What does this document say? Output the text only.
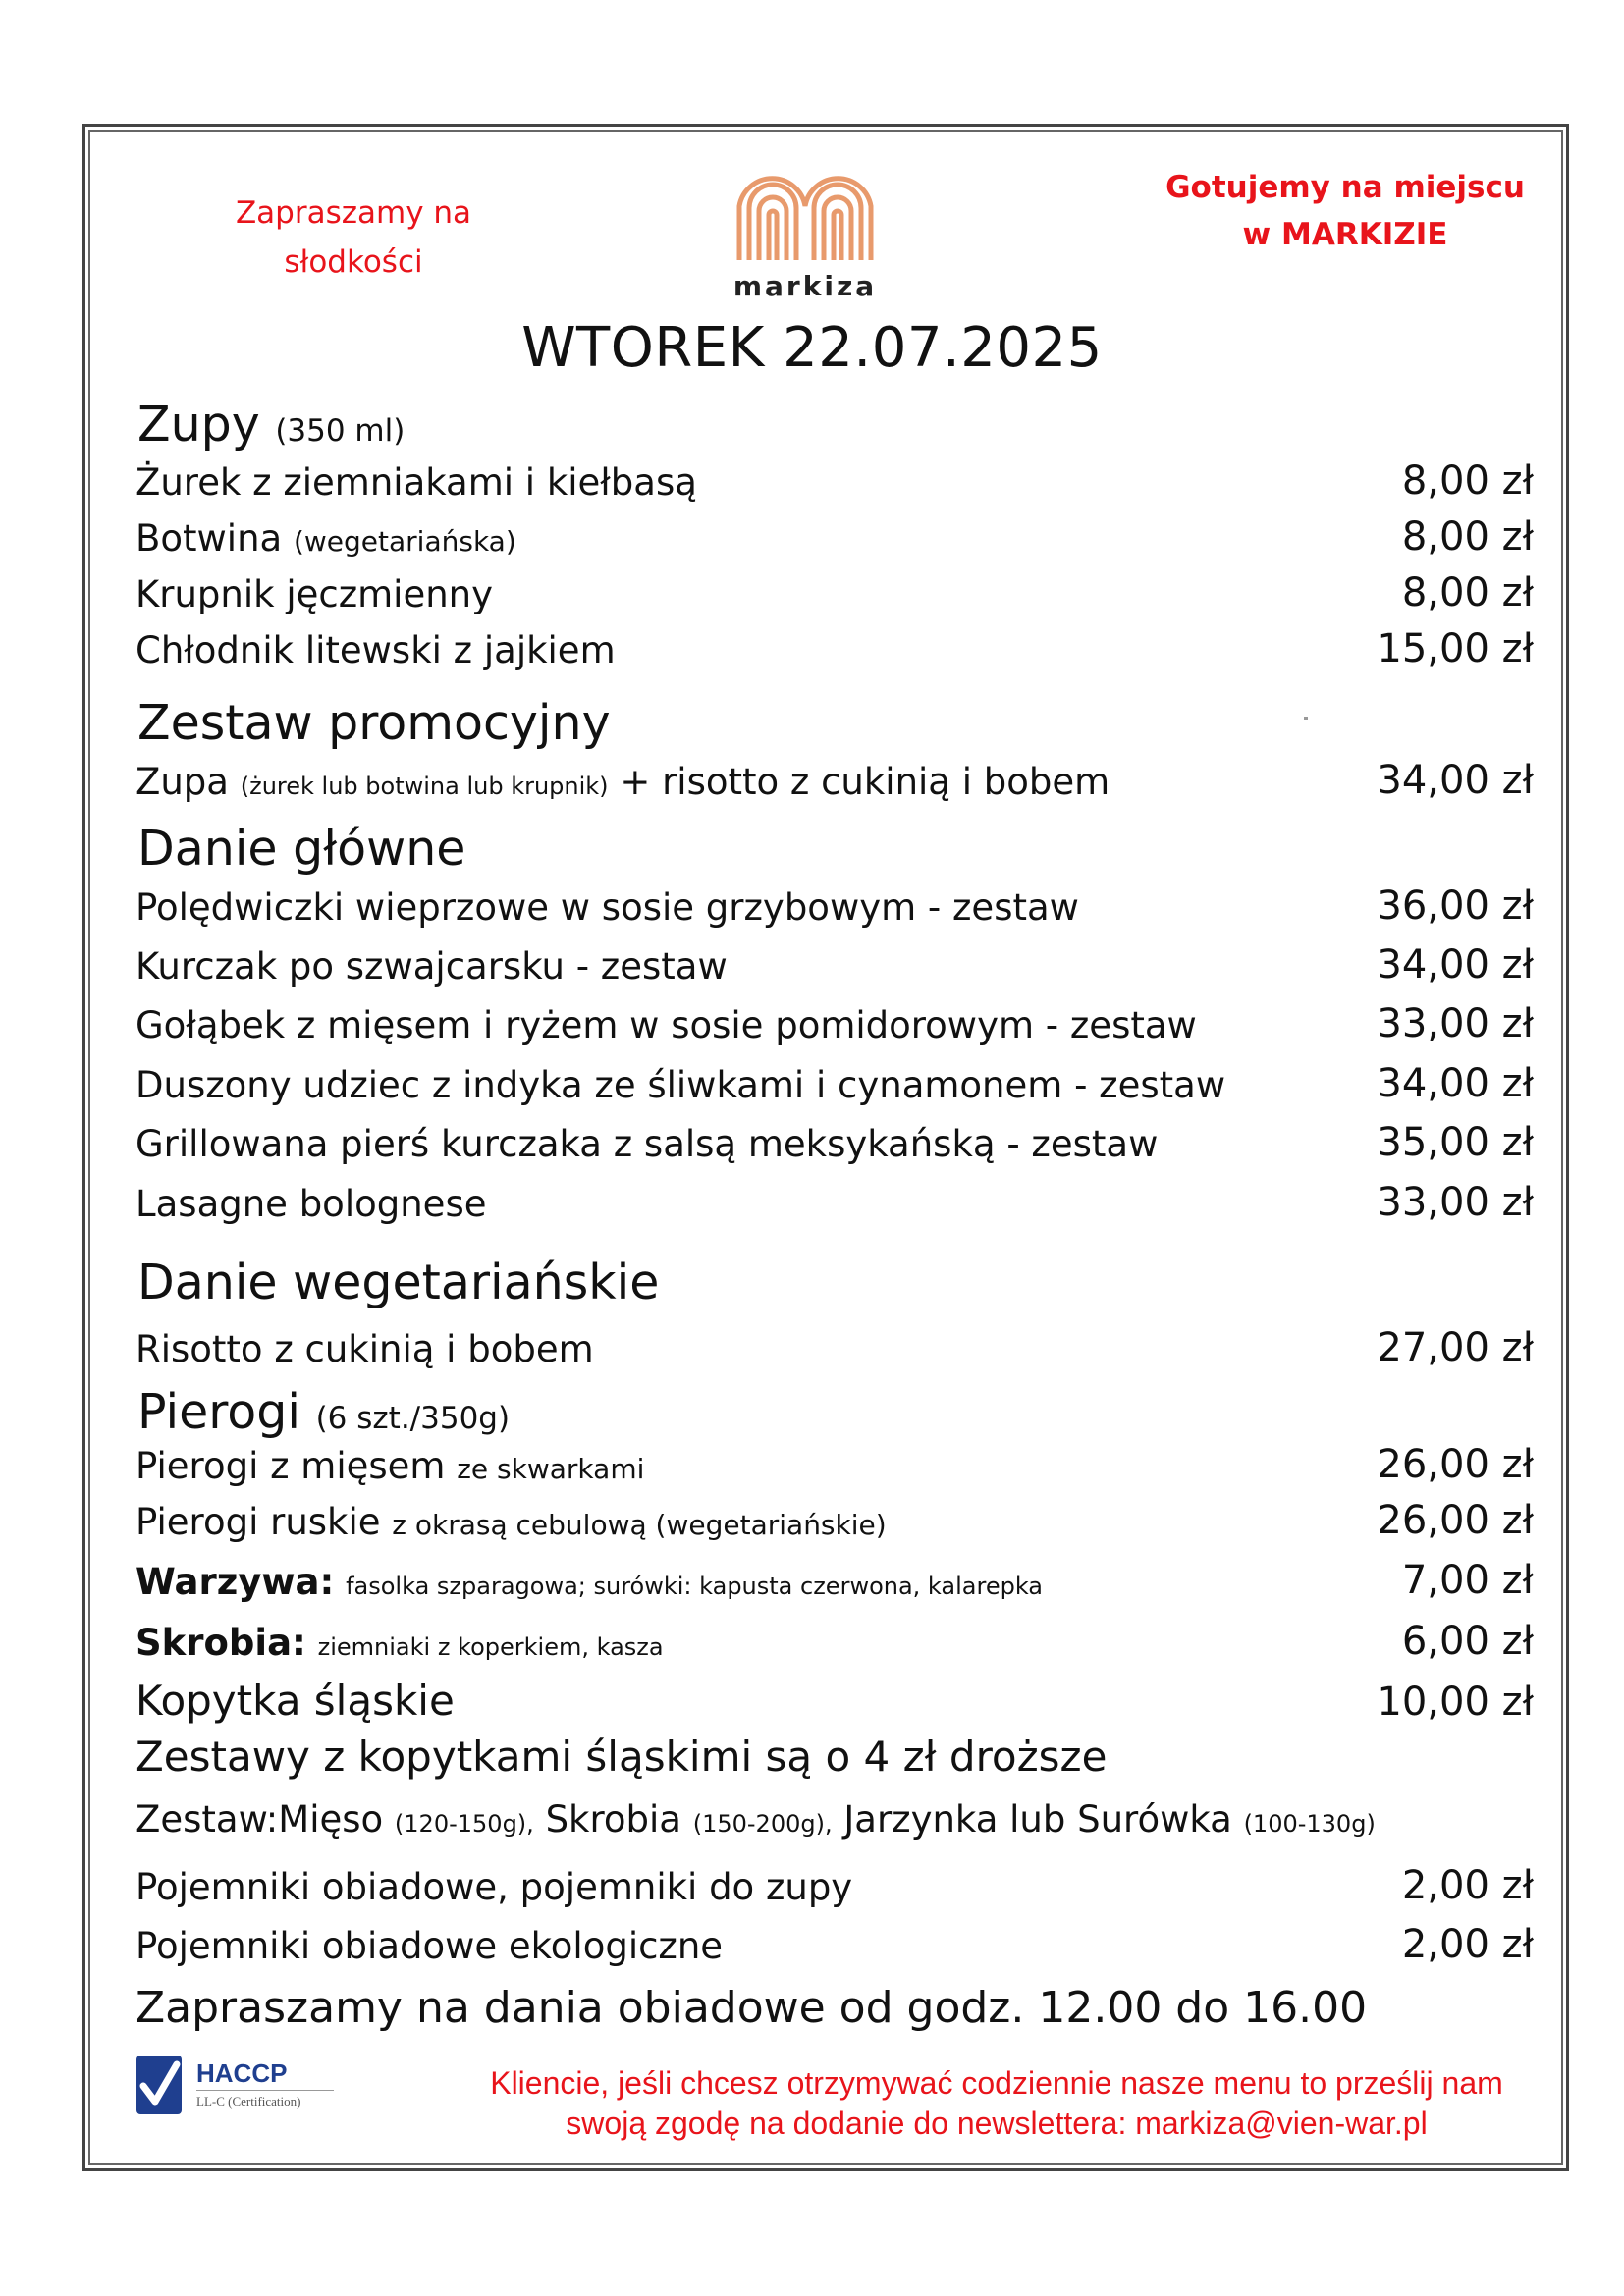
Zapraszamy na
słodkości
markiza
Gotujemy na miejscu
w MARKIZIE
WTOREK 22.07.2025
Zupy (350 ml)
Żurek z ziemniakami i kiełbasą	8,00 zł
Botwina (wegetariańska)	8,00 zł
Krupnik jęczmienny	8,00 zł
Chłodnik litewski z jajkiem	15,00 zł
Zestaw promocyjny
Zupa (żurek lub botwina lub krupnik) + risotto z cukinią i bobem	34,00 zł
Danie główne
Polędwiczki wieprzowe w sosie grzybowym - zestaw	36,00 zł
Kurczak po szwajcarsku - zestaw	34,00 zł
Gołąbek z mięsem i ryżem w sosie pomidorowym - zestaw	33,00 zł
Duszony udziec z indyka ze śliwkami i cynamonem - zestaw	34,00 zł
Grillowana pierś kurczaka z salsą meksykańską - zestaw	35,00 zł
Lasagne bolognese	33,00 zł
Danie wegetariańskie
Risotto z cukinią i bobem	27,00 zł
Pierogi (6 szt./350g)
Pierogi z mięsem ze skwarkami	26,00 zł
Pierogi ruskie z okrasą cebulową (wegetariańskie)	26,00 zł
Warzywa: fasolka szparagowa; surówki: kapusta czerwona, kalarepka	7,00 zł
Skrobia: ziemniaki z koperkiem, kasza	6,00 zł
Kopytka śląskie	10,00 zł
Zestawy z kopytkami śląskimi są o 4 zł droższe
Zestaw:Mięso (120-150g), Skrobia (150-200g), Jarzynka lub Surówka (100-130g)
Pojemniki obiadowe, pojemniki do zupy	2,00 zł
Pojemniki obiadowe ekologiczne	2,00 zł
Zapraszamy na dania obiadowe od godz. 12.00 do 16.00
HACCP
LL-C (Certification)
Kliencie, jeśli chcesz otrzymywać codziennie nasze menu to prześlij nam
swoją zgodę na dodanie do newslettera: markiza@vien-war.pl
